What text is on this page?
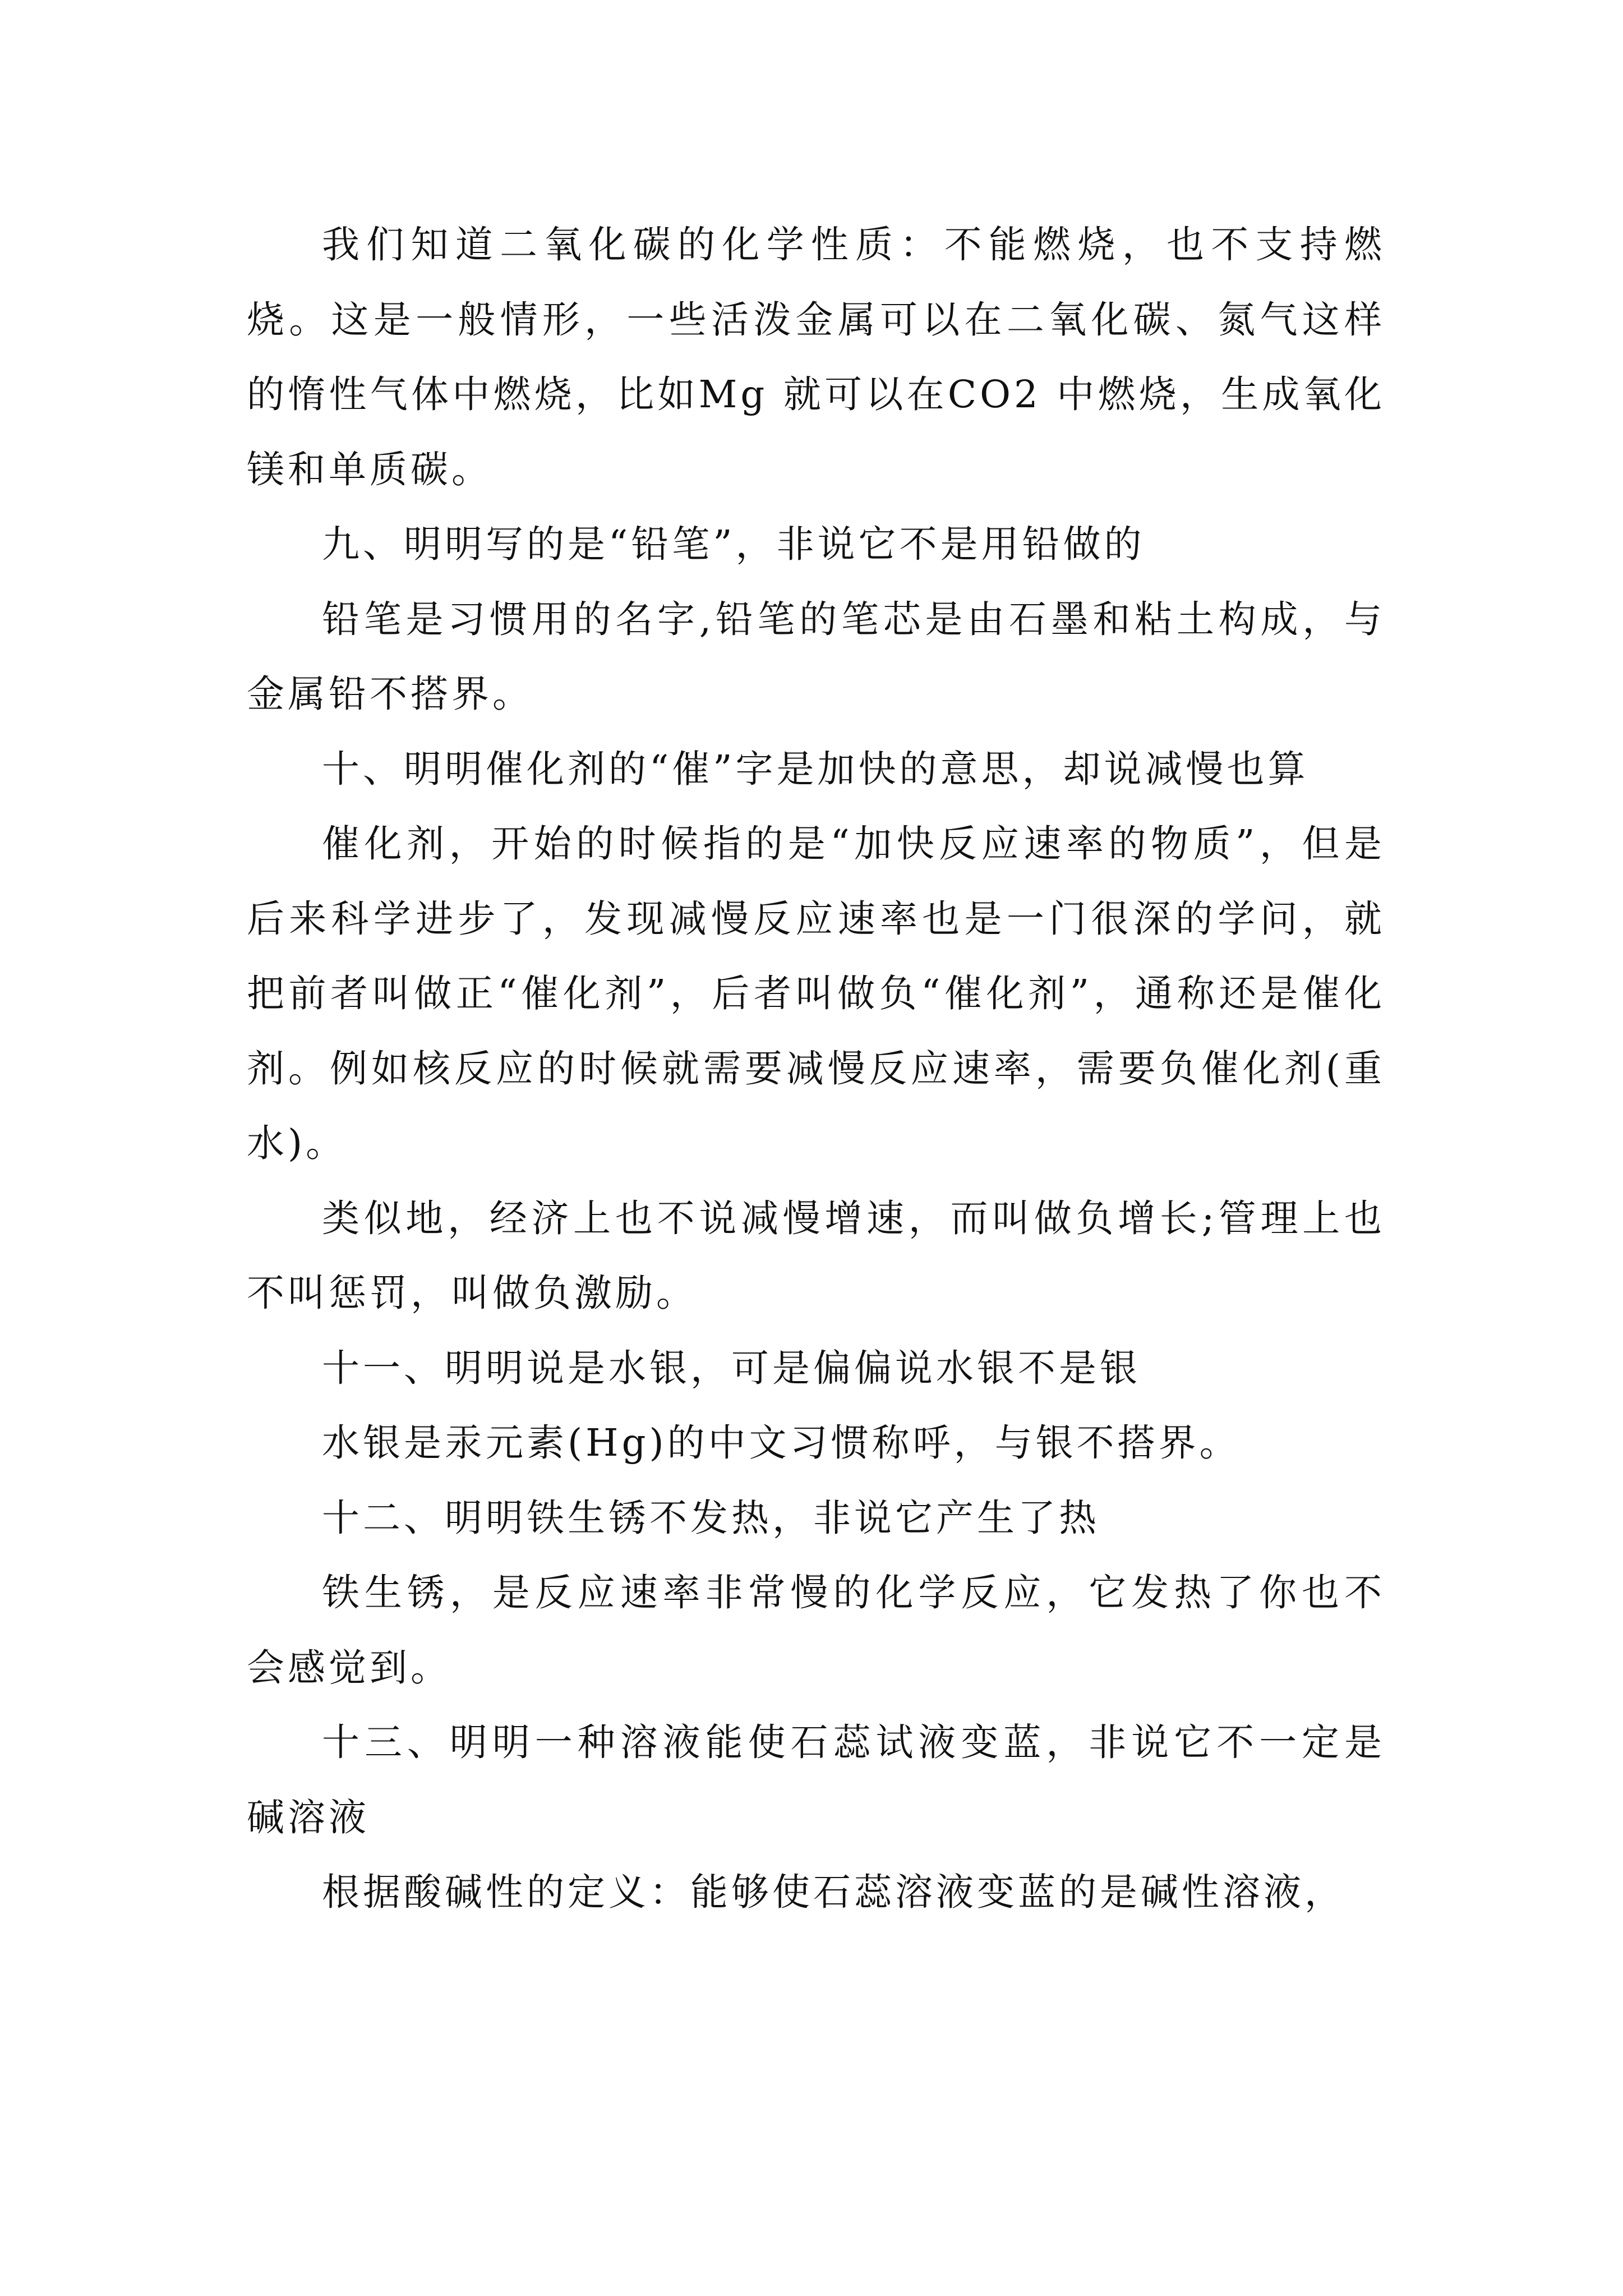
我们知道二氧化碳的化学性质：不能燃烧，也不支持燃烧。这是一般情形，一些活泼金属可以在二氧化碳、氮气这样的惰性气体中燃烧，比如Mg 就可以在CO2 中燃烧，生成氧化镁和单质碳。

九、明明写的是“铅笔”，非说它不是用铅做的

铅笔是习惯用的名字,铅笔的笔芯是由石墨和粘土构成，与金属铅不搭界。

十、明明催化剂的“催”字是加快的意思，却说减慢也算

催化剂，开始的时候指的是“加快反应速率的物质”，但是后来科学进步了，发现减慢反应速率也是一门很深的学问，就把前者叫做正“催化剂”，后者叫做负“催化剂”，通称还是催化剂。例如核反应的时候就需要减慢反应速率，需要负催化剂(重水)。

类似地，经济上也不说减慢增速，而叫做负增长;管理上也不叫惩罚，叫做负激励。

十一、明明说是水银，可是偏偏说水银不是银

水银是汞元素(Hg)的中文习惯称呼，与银不搭界。

十二、明明铁生锈不发热，非说它产生了热

铁生锈，是反应速率非常慢的化学反应，它发热了你也不会感觉到。

十三、明明一种溶液能使石蕊试液变蓝，非说它不一定是碱溶液

根据酸碱性的定义：能够使石蕊溶液变蓝的是碱性溶液，
